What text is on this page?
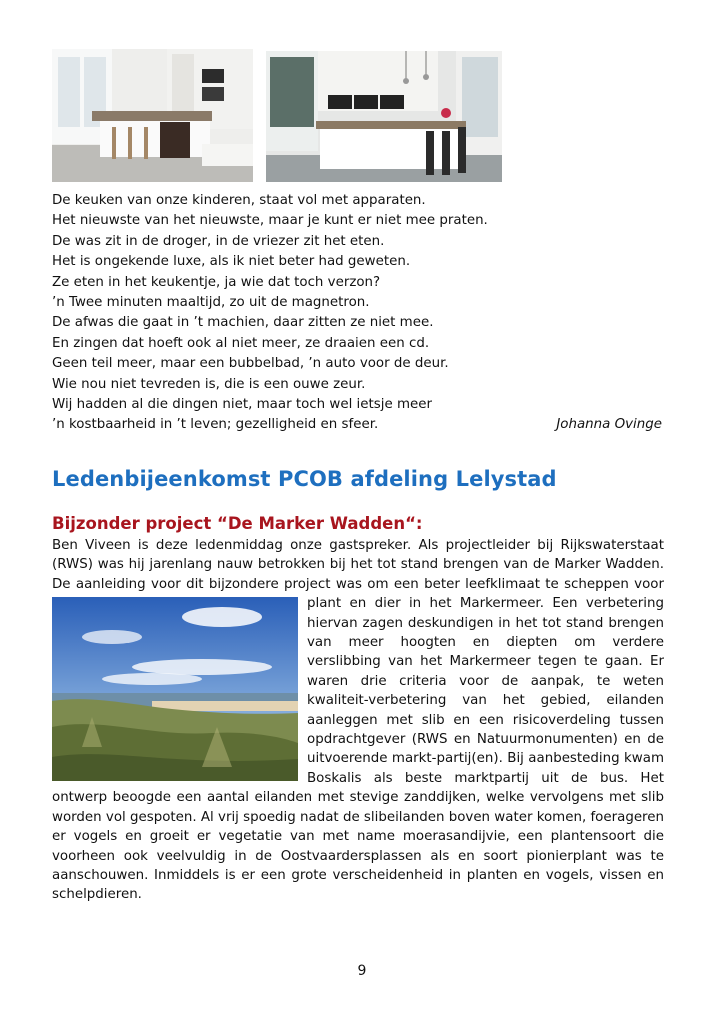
De keuken van onze kinderen, staat vol met apparaten.
Het nieuwste van het nieuwste, maar je kunt er niet mee praten.
De was zit in de droger, in de vriezer zit het eten.
Het is ongekende luxe, als ik niet beter had geweten.
Ze eten in het keukentje, ja wie dat toch verzon?
’n Twee minuten maaltijd, zo uit de magnetron.
De afwas die gaat in ’t machien, daar zitten ze niet mee.
En zingen dat hoeft ook al niet meer, ze draaien een cd.
Geen teil meer, maar een bubbelbad, ’n auto voor de deur.
Wie nou niet tevreden is, die is een ouwe zeur.
Wij hadden al die dingen niet, maar toch wel ietsje meer
’n kostbaarheid in ’t leven; gezelligheid en sfeer.	Johanna Ovinge
Ledenbijeenkomst PCOB afdeling Lelystad
Bijzonder project “De Marker Wadden“:

Ben Viveen is deze ledenmiddag onze gastspreker. Als projectleider bij Rijkswaterstaat (RWS) was hij jarenlang nauw betrokken bij het tot stand brengen van de Marker Wadden. De aanleiding voor dit bijzondere project was om een beter leefklimaat te scheppen voor plant en dier in het Markermeer. Een verbetering hiervan zagen deskundigen in het tot stand brengen van meer hoogten en diepten om verdere verslibbing van het Markermeer tegen te gaan. Er waren drie criteria voor de aanpak, te weten kwaliteit-verbetering van het gebied, eilanden aanleggen met slib en een risicoverdeling tussen opdrachtgever (RWS en Natuurmonumenten) en de uitvoerende markt-partij(en). Bij aanbesteding kwam Boskalis als beste marktpartij uit de bus. Het ontwerp beoogde een aantal eilanden met stevige zanddijken, welke vervolgens met slib worden vol gespoten. Al vrij spoedig nadat de slibeilanden boven water komen, foerageren er vogels en groeit er vegetatie van met name moerasandijvie, een plantensoort die voorheen ook veelvuldig in de Oostvaardersplassen als en soort pionierplant was te aanschouwen. Inmiddels is er een grote verscheidenheid in planten en vogels, vissen en schelpdieren.

9
